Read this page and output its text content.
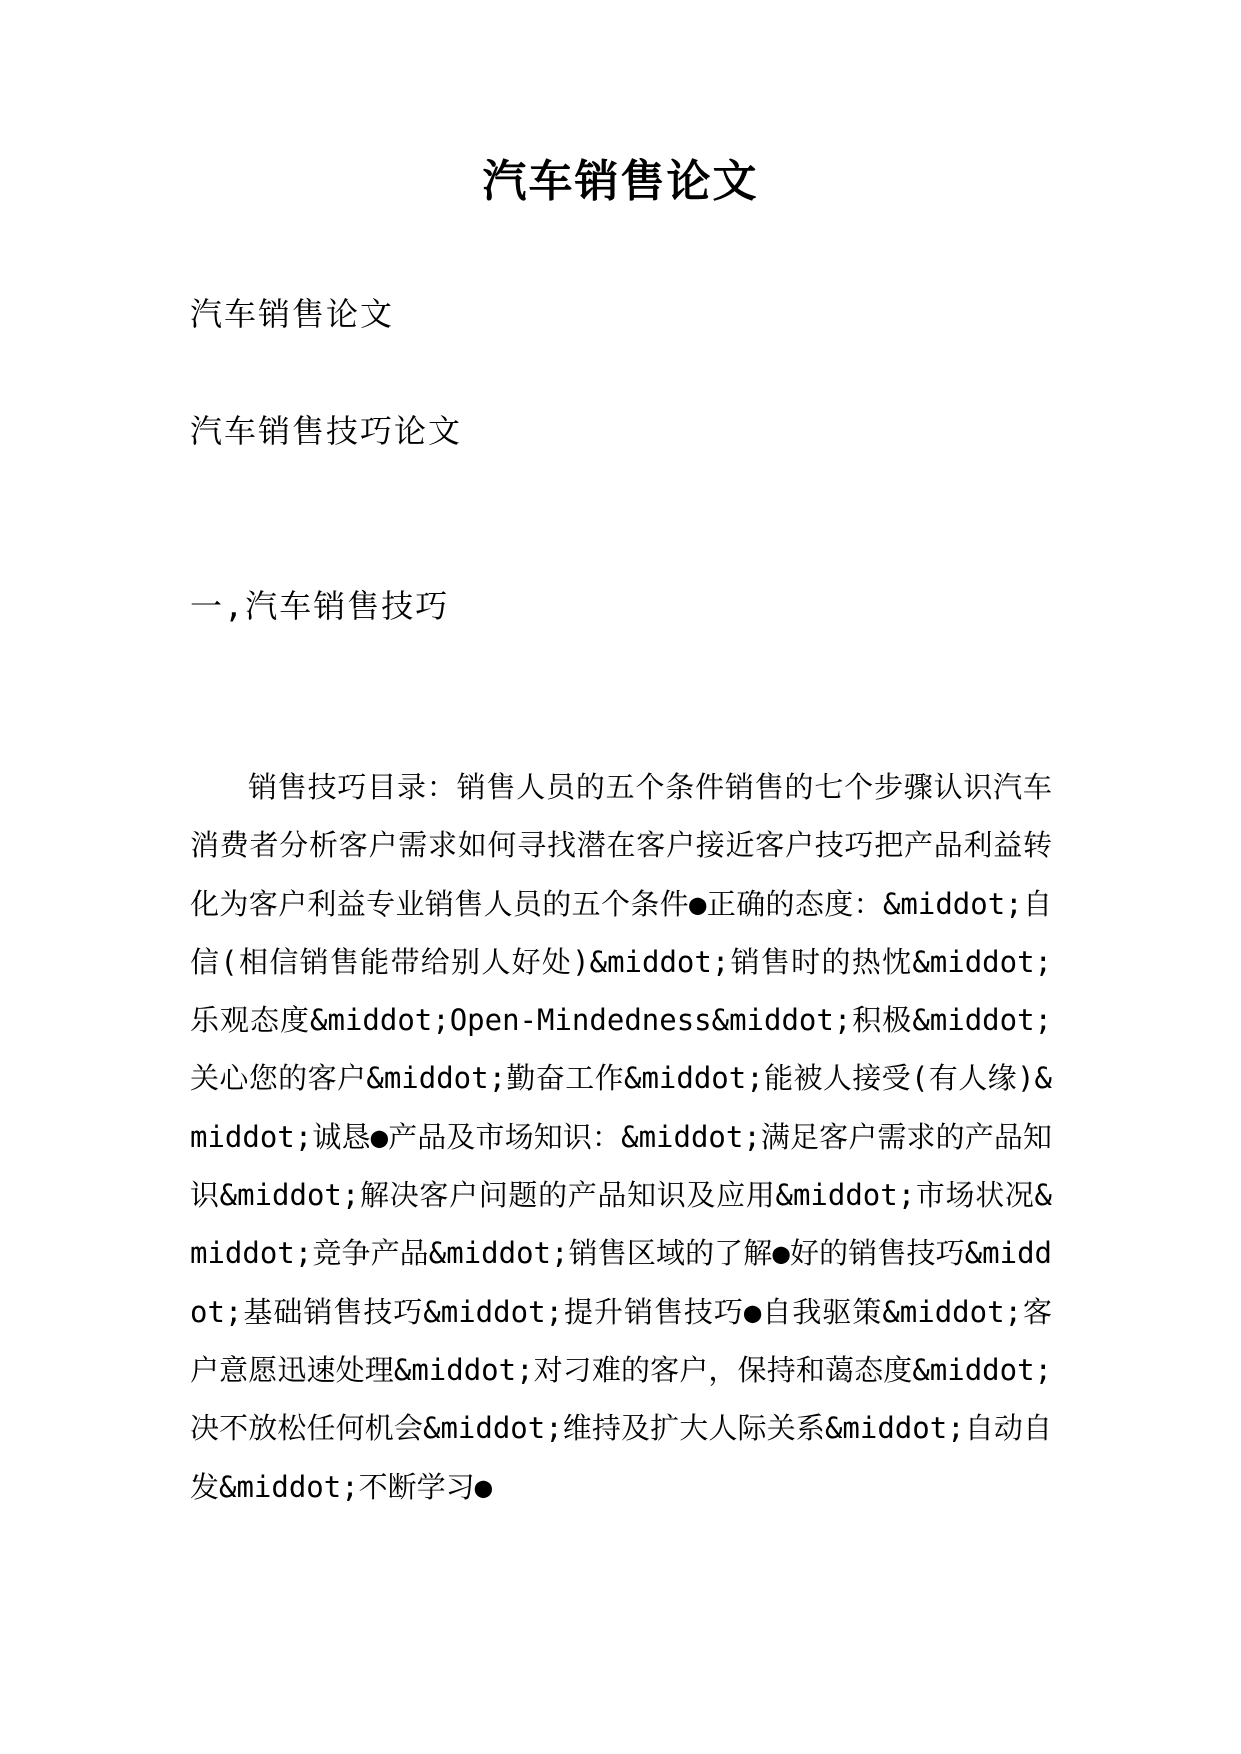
汽车销售论文
汽车销售论文
汽车销售技巧论文
一,汽车销售技巧
销售技巧目录：销售人员的五个条件销售的七个步骤认识汽车消费者分析客户需求如何寻找潜在客户接近客户技巧把产品利益转化为客户利益专业销售人员的五个条件●正确的态度：&middot;自信(相信销售能带给别人好处)&middot;销售时的热忱&middot;乐观态度&middot;Open-Mindedness&middot;积极&middot;关心您的客户&middot;勤奋工作&middot;能被人接受(有人缘)&middot;诚恳●产品及市场知识：&middot;满足客户需求的产品知识&middot;解决客户问题的产品知识及应用&middot;市场状况&middot;竞争产品&middot;销售区域的了解●好的销售技巧&middot;基础销售技巧&middot;提升销售技巧●自我驱策&middot;客户意愿迅速处理&middot;对刁难的客户，保持和蔼态度&middot;决不放松任何机会&middot;维持及扩大人际关系&middot;自动自发&middot;不断学习●
